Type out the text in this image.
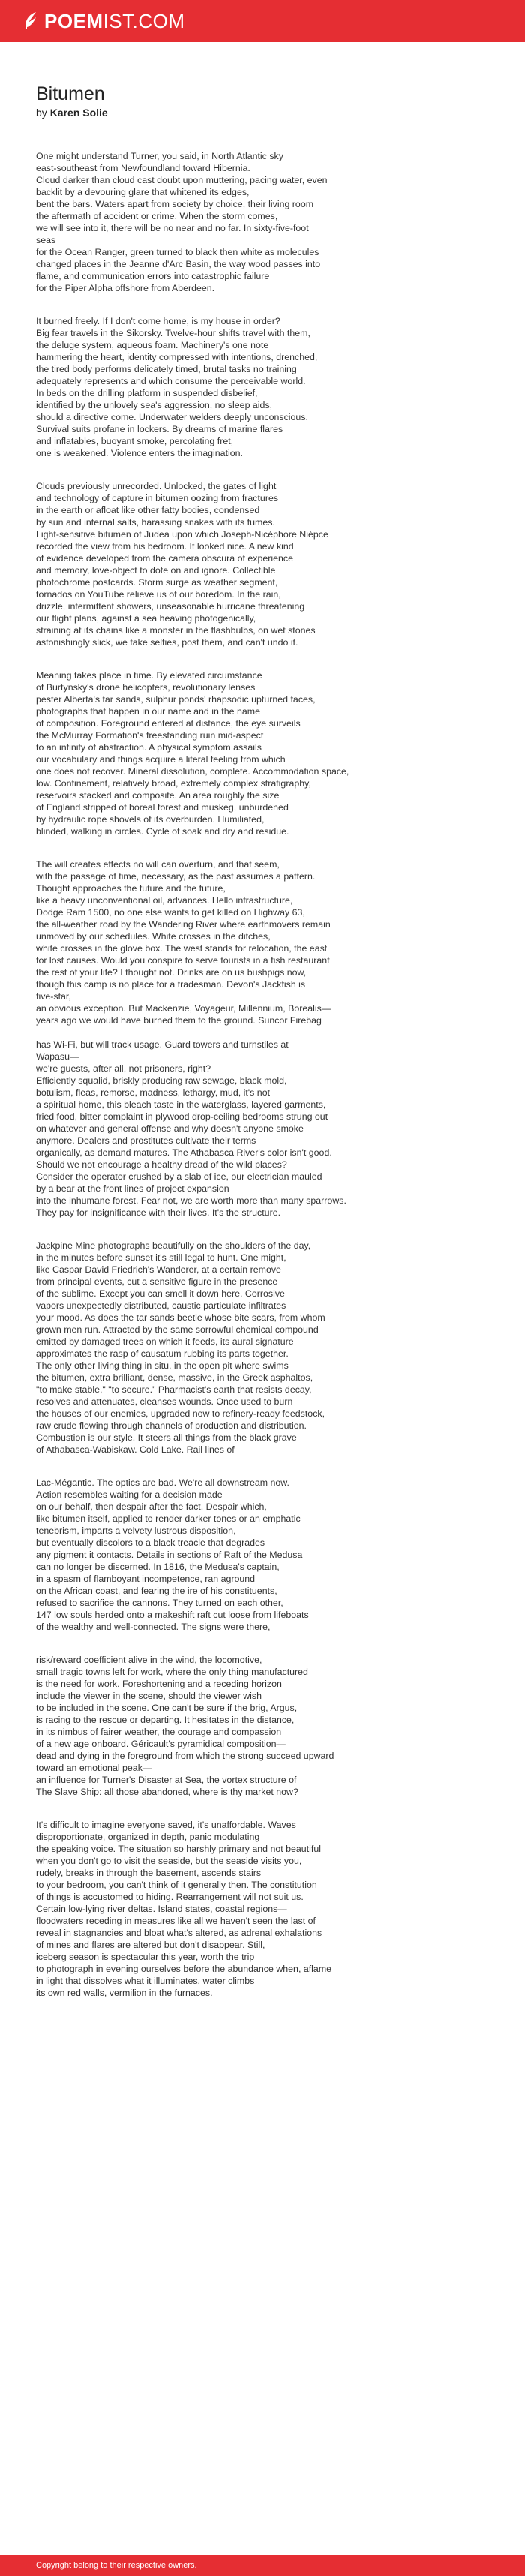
POEM IST.COM
Bitumen
by Karen Solie

One might understand Turner, you said, in North Atlantic sky
east-southeast from Newfoundland toward Hibernia.
Cloud darker than cloud cast doubt upon muttering, pacing water, even
backlit by a devouring glare that whitened its edges,
bent the bars. Waters apart from society by choice, their living room
the aftermath of accident or crime. When the storm comes,
we will see into it, there will be no near and no far. In sixty-five-foot
seas
for the Ocean Ranger, green turned to black then white as molecules
changed places in the Jeanne d'Arc Basin, the way wood passes into
flame, and communication errors into catastrophic failure
for the Piper Alpha offshore from Aberdeen.

It burned freely. If I don't come home, is my house in order?
Big fear travels in the Sikorsky. Twelve-hour shifts travel with them,
the deluge system, aqueous foam. Machinery's one note
hammering the heart, identity compressed with intentions, drenched,
the tired body performs delicately timed, brutal tasks no training
adequately represents and which consume the perceivable world.
In beds on the drilling platform in suspended disbelief,
identified by the unlovely sea's aggression, no sleep aids,
should a directive come. Underwater welders deeply unconscious.
Survival suits profane in lockers. By dreams of marine flares
and inflatables, buoyant smoke, percolating fret,
one is weakened. Violence enters the imagination.

Clouds previously unrecorded. Unlocked, the gates of light
and technology of capture in bitumen oozing from fractures
in the earth or afloat like other fatty bodies, condensed
by sun and internal salts, harassing snakes with its fumes.
Light-sensitive bitumen of Judea upon which Joseph-Nicéphore Niépce
recorded the view from his bedroom. It looked nice. A new kind
of evidence developed from the camera obscura of experience
and memory, love-object to dote on and ignore. Collectible
photochrome postcards. Storm surge as weather segment,
tornados on YouTube relieve us of our boredom. In the rain,
drizzle, intermittent showers, unseasonable hurricane threatening
our flight plans, against a sea heaving photogenically,
straining at its chains like a monster in the flashbulbs, on wet stones
astonishingly slick, we take selfies, post them, and can't undo it.

Meaning takes place in time. By elevated circumstance
of Burtynsky's drone helicopters, revolutionary lenses
pester Alberta's tar sands, sulphur ponds' rhapsodic upturned faces,
photographs that happen in our name and in the name
of composition. Foreground entered at distance, the eye surveils
the McMurray Formation's freestanding ruin mid-aspect
to an infinity of abstraction. A physical symptom assails
our vocabulary and things acquire a literal feeling from which
one does not recover. Mineral dissolution, complete. Accommodation space,
low. Confinement, relatively broad, extremely complex stratigraphy,
reservoirs stacked and composite. An area roughly the size
of England stripped of boreal forest and muskeg, unburdened
by hydraulic rope shovels of its overburden. Humiliated,
blinded, walking in circles. Cycle of soak and dry and residue.

The will creates effects no will can overturn, and that seem,
with the passage of time, necessary, as the past assumes a pattern.
Thought approaches the future and the future,
like a heavy unconventional oil, advances. Hello infrastructure,
Dodge Ram 1500, no one else wants to get killed on Highway 63,
the all-weather road by the Wandering River where earthmovers remain
unmoved by our schedules. White crosses in the ditches,
white crosses in the glove box. The west stands for relocation, the east
for lost causes. Would you conspire to serve tourists in a fish restaurant
the rest of your life? I thought not. Drinks are on us bushpigs now,
though this camp is no place for a tradesman. Devon's Jackfish is
five-star,
an obvious exception. But Mackenzie, Voyageur, Millennium, Borealis—
years ago we would have burned them to the ground. Suncor Firebag

has Wi-Fi, but will track usage. Guard towers and turnstiles at
Wapasu—
we're guests, after all, not prisoners, right?
Efficiently squalid, briskly producing raw sewage, black mold,
botulism, fleas, remorse, madness, lethargy, mud, it's not
a spiritual home, this bleach taste in the waterglass, layered garments,
fried food, bitter complaint in plywood drop-ceiling bedrooms strung out
on whatever and general offense and why doesn't anyone smoke
anymore. Dealers and prostitutes cultivate their terms
organically, as demand matures. The Athabasca River's color isn't good.
Should we not encourage a healthy dread of the wild places?
Consider the operator crushed by a slab of ice, our electrician mauled
by a bear at the front lines of project expansion
into the inhumane forest. Fear not, we are worth more than many sparrows.
They pay for insignificance with their lives. It's the structure.

Jackpine Mine photographs beautifully on the shoulders of the day,
in the minutes before sunset it's still legal to hunt. One might,
like Caspar David Friedrich's Wanderer, at a certain remove
from principal events, cut a sensitive figure in the presence
of the sublime. Except you can smell it down here. Corrosive
vapors unexpectedly distributed, caustic particulate infiltrates
your mood. As does the tar sands beetle whose bite scars, from whom
grown men run. Attracted by the same sorrowful chemical compound
emitted by damaged trees on which it feeds, its aural signature
approximates the rasp of causatum rubbing its parts together.
The only other living thing in situ, in the open pit where swims
the bitumen, extra brilliant, dense, massive, in the Greek asphaltos,
"to make stable," "to secure." Pharmacist's earth that resists decay,
resolves and attenuates, cleanses wounds. Once used to burn
the houses of our enemies, upgraded now to refinery-ready feedstock,
raw crude flowing through channels of production and distribution.
Combustion is our style. It steers all things from the black grave
of Athabasca-Wabiskaw. Cold Lake. Rail lines of

Lac-Mégantic. The optics are bad. We're all downstream now.
Action resembles waiting for a decision made
on our behalf, then despair after the fact. Despair which,
like bitumen itself, applied to render darker tones or an emphatic
tenebrism, imparts a velvety lustrous disposition,
but eventually discolors to a black treacle that degrades
any pigment it contacts. Details in sections of Raft of the Medusa
can no longer be discerned. In 1816, the Medusa's captain,
in a spasm of flamboyant incompetence, ran aground
on the African coast, and fearing the ire of his constituents,
refused to sacrifice the cannons. They turned on each other,
147 low souls herded onto a makeshift raft cut loose from lifeboats
of the wealthy and well-connected. The signs were there,

risk/reward coefficient alive in the wind, the locomotive,
small tragic towns left for work, where the only thing manufactured
is the need for work. Foreshortening and a receding horizon
include the viewer in the scene, should the viewer wish
to be included in the scene. One can't be sure if the brig, Argus,
is racing to the rescue or departing. It hesitates in the distance,
in its nimbus of fairer weather, the courage and compassion
of a new age onboard. Géricault's pyramidical composition—
dead and dying in the foreground from which the strong succeed upward
toward an emotional peak—
an influence for Turner's Disaster at Sea, the vortex structure of
The Slave Ship: all those abandoned, where is thy market now?

It's difficult to imagine everyone saved, it's unaffordable. Waves
disproportionate, organized in depth, panic modulating
the speaking voice. The situation so harshly primary and not beautiful
when you don't go to visit the seaside, but the seaside visits you,
rudely, breaks in through the basement, ascends stairs
to your bedroom, you can't think of it generally then. The constitution
of things is accustomed to hiding. Rearrangement will not suit us.
Certain low-lying river deltas. Island states, coastal regions—
floodwaters receding in measures like all we haven't seen the last of
reveal in stagnancies and bloat what's altered, as adrenal exhalations
of mines and flares are altered but don't disappear. Still,
iceberg season is spectacular this year, worth the trip
to photograph in evening ourselves before the abundance when, aflame
in light that dissolves what it illuminates, water climbs
its own red walls, vermilion in the furnaces.

Copyright belong to their respective owners.
